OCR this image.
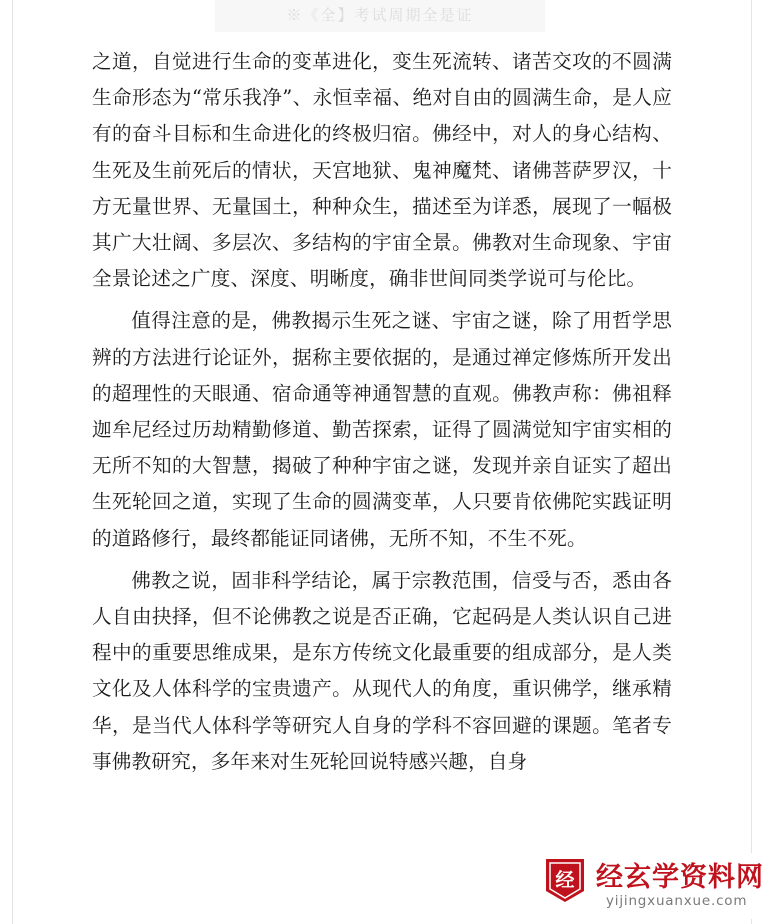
※《全】考试周期全是证

之道，自觉进行生命的变革进化，变生死流转、诸苦交攻的不圆满生命形态为“常乐我净”、永恒幸福、绝对自由的圆满生命，是人应有的奋斗目标和生命进化的终极归宿。佛经中，对人的身心结构、生死及生前死后的情状，天宫地狱、鬼神魔梵、诸佛菩萨罗汉，十方无量世界、无量国土，种种众生，描述至为详悉，展现了一幅极其广大壮阔、多层次、多结构的宇宙全景。佛教对生命现象、宇宙全景论述之广度、深度、明晰度，确非世间同类学说可与伦比。

值得注意的是，佛教揭示生死之谜、宇宙之谜，除了用哲学思辨的方法进行论证外，据称主要依据的，是通过禅定修炼所开发出的超理性的天眼通、宿命通等神通智慧的直观。佛教声称：佛祖释迦牟尼经过历劫精勤修道、勤苦探索，证得了圆满觉知宇宙实相的无所不知的大智慧，揭破了种种宇宙之谜，发现并亲自证实了超出生死轮回之道，实现了生命的圆满变革，人只要肯依佛陀实践证明的道路修行，最终都能证同诸佛，无所不知，不生不死。

佛教之说，固非科学结论，属于宗教范围，信受与否，悉由各人自由抉择，但不论佛教之说是否正确，它起码是人类认识自己进程中的重要思维成果，是东方传统文化最重要的组成部分，是人类文化及人体科学的宝贵遗产。从现代人的角度，重识佛学，继承精华，是当代人体科学等研究人自身的学科不容回避的课题。笔者专事佛教研究，多年来对生死轮回说特感兴趣，自身

经 经玄学资料网
yijingxuanxue.com
